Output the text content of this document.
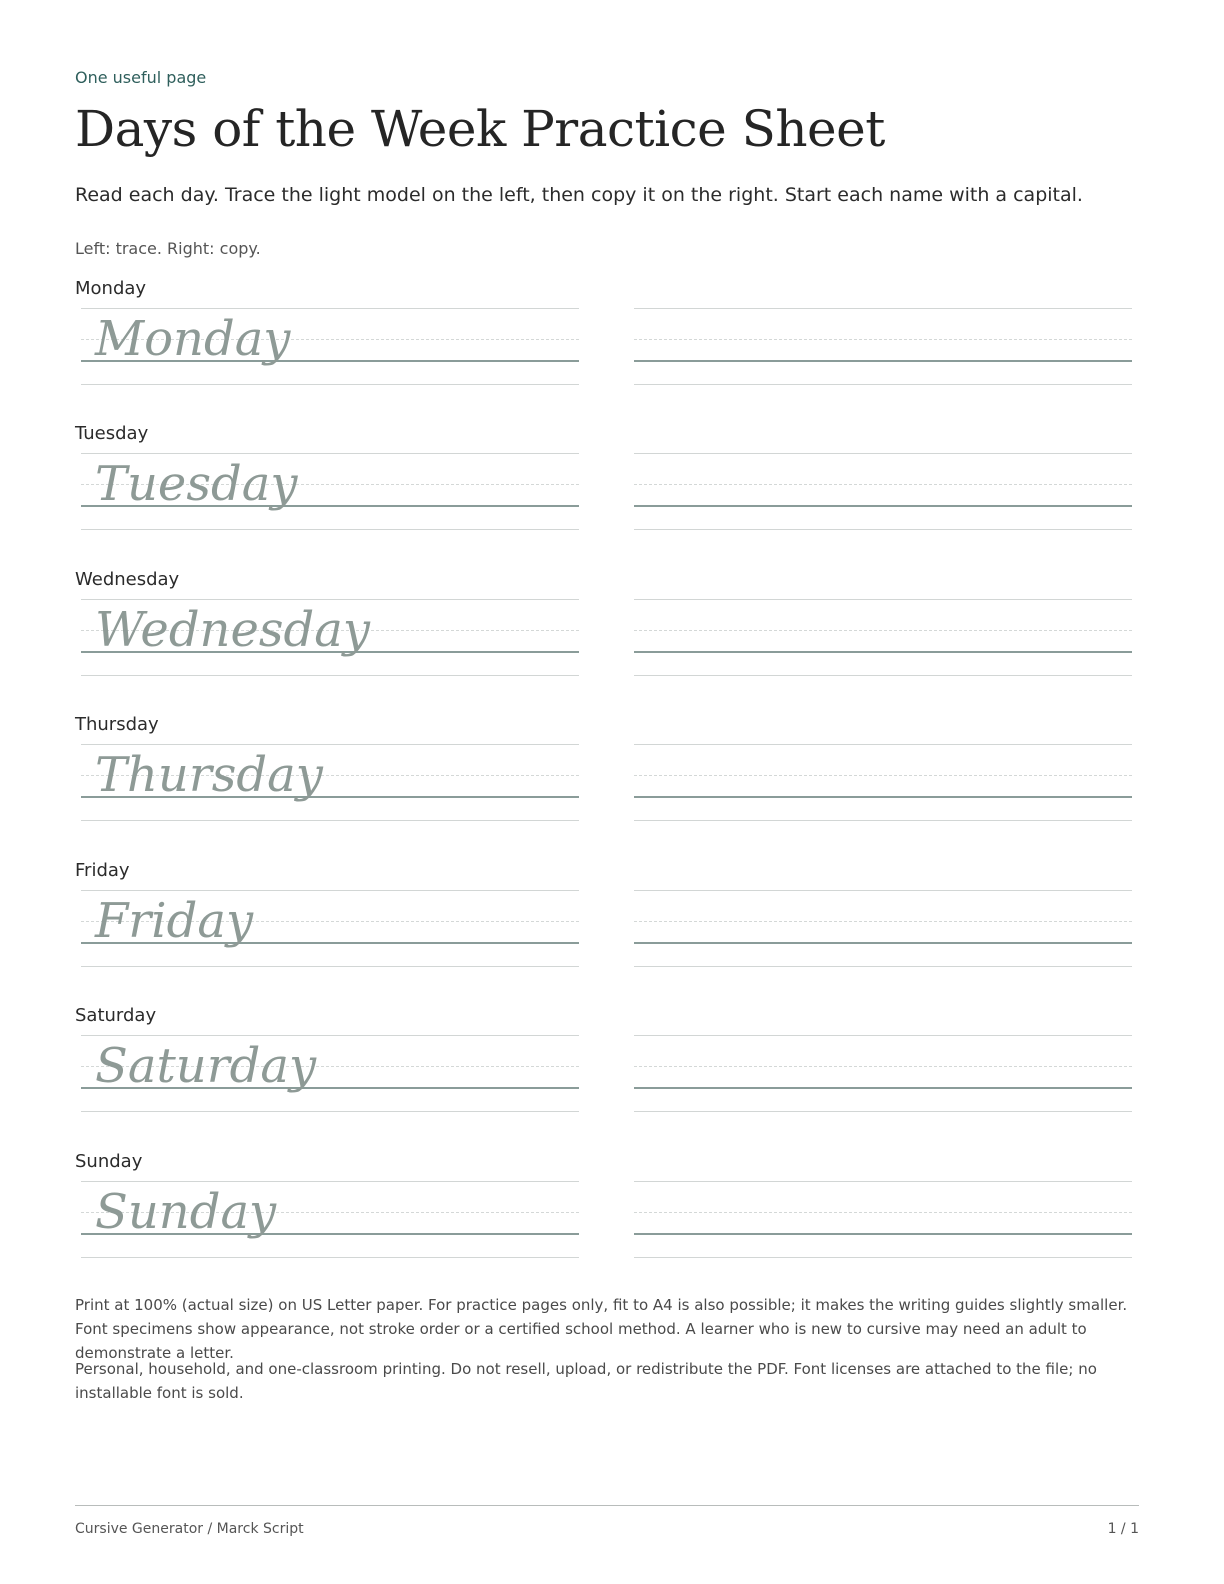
One useful page
Days of the Week Practice Sheet
Read each day. Trace the light model on the left, then copy it on the right. Start each name with a capital.
Left: trace. Right: copy.
Monday
Monday
Tuesday
Tuesday
Wednesday
Wednesday
Thursday
Thursday
Friday
Friday
Saturday
Saturday
Sunday
Sunday
Print at 100% (actual size) on US Letter paper. For practice pages only, fit to A4 is also possible; it makes the writing guides slightly smaller. Font specimens show appearance, not stroke order or a certified school method. A learner who is new to cursive may need an adult to demonstrate a letter.
Personal, household, and one-classroom printing. Do not resell, upload, or redistribute the PDF. Font licenses are attached to the file; no installable font is sold.
Cursive Generator / Marck Script	1 / 1
